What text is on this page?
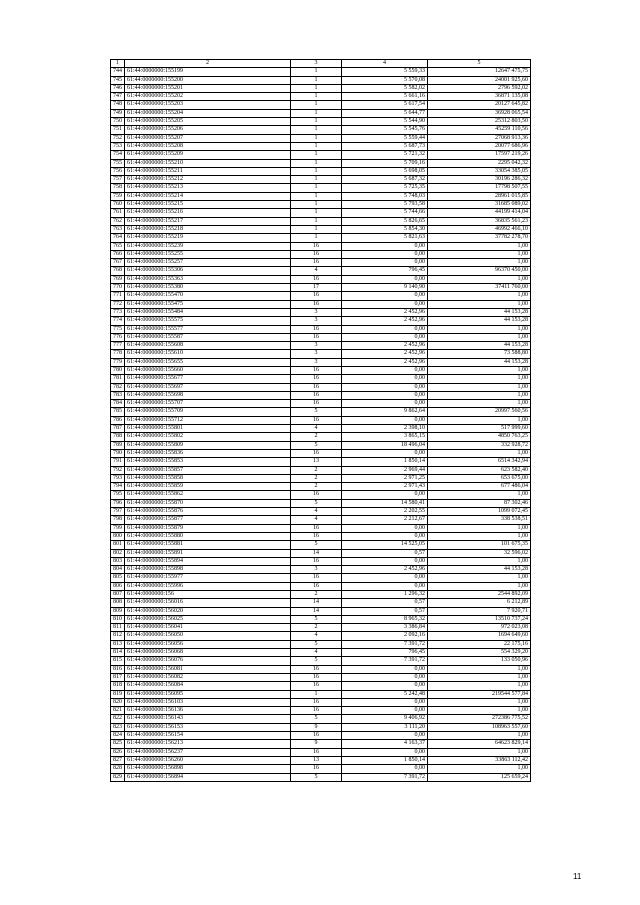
1	2	3	4	5
744	61:44:0000000:155199	1	5 559,33	12647 475,75
745	61:44:0000000:155200	1	5 570,08	24001 925,60
746	61:44:0000000:155201	1	5 582,02	2796 592,02
747	61:44:0000000:155202	1	5 661,16	36871 135,08
748	61:44:0000000:155203	1	5 617,54	20127 645,82
749	61:44:0000000:155204	1	5 644,77	36928 065,54
750	61:44:0000000:155205	1	5 544,90	25312 803,50
751	61:44:0000000:155206	1	5 545,76	45259 110,56
752	61:44:0000000:155207	1	5 559,44	27068 913,36
753	61:44:0000000:155208	1	5 687,73	20077 686,96
754	61:44:0000000:155209	1	5 721,32	17597 219,26
755	61:44:0000000:155210	1	5 709,16	2295 042,32
756	61:44:0000000:155211	1	5 698,05	33054 385,05
757	61:44:0000000:155212	1	5 687,32	30196 286,32
758	61:44:0000000:155213	1	5 725,35	17798 507,55
759	61:44:0000000:155214	1	5 748,03	28961 015,85
760	61:44:0000000:155215	1	5 793,58	31685 089,02
761	61:44:0000000:155216	1	5 744,66	44199 414,04
762	61:44:0000000:155217	1	5 826,65	36835 561,23
763	61:44:0000000:155218	1	5 854,30	46992 466,10
764	61:44:0000000:155219	1	5 821,63	37782 278,70
765	61:44:0000000:155239	16	0,00	1,00
766	61:44:0000000:155255	16	0,00	1,00
767	61:44:0000000:155257	16	0,00	1,00
768	61:44:0000000:155306	4	796,45	96370 450,00
769	61:44:0000000:155363	16	0,00	1,00
770	61:44:0000000:155380	17	9 140,90	37411 760,00
771	61:44:0000000:155470	16	0,00	1,00
772	61:44:0000000:155475	16	0,00	1,00
773	61:44:0000000:155484	3	2 452,96	44 153,28
774	61:44:0000000:155575	3	2 452,96	44 153,28
775	61:44:0000000:155577	16	0,00	1,00
776	61:44:0000000:155587	16	0,00	1,00
777	61:44:0000000:155608	3	2 452,96	44 153,28
778	61:44:0000000:155610	3	2 452,96	73 588,80
779	61:44:0000000:155655	3	2 452,96	44 153,28
780	61:44:0000000:155660	16	0,00	1,00
781	61:44:0000000:155677	16	0,00	1,00
782	61:44:0000000:155697	16	0,00	1,00
783	61:44:0000000:155698	16	0,00	1,00
784	61:44:0000000:155707	16	0,00	1,00
785	61:44:0000000:155709	5	9 862,64	20997 560,56
786	61:44:0000000:155712	16	0,00	1,00
787	61:44:0000000:155801	4	2 398,10	517 999,60
788	61:44:0000000:155802	2	3 865,15	4850 763,25
789	61:44:0000000:155809	5	18 496,04	332 928,72
790	61:44:0000000:155836	16	0,00	1,00
791	61:44:0000000:155853	13	1 850,14	6514 342,94
792	61:44:0000000:155857	2	2 969,44	623 582,40
793	61:44:0000000:155858	2	2 971,25	653 675,00
794	61:44:0000000:155859	2	2 971,43	677 486,04
795	61:44:0000000:155862	16	0,00	1,00
796	61:44:0000000:155870	5	14 580,41	87 302,46
797	61:44:0000000:155876	4	2 202,55	1099 072,45
798	61:44:0000000:155877	4	2 212,67	338 538,51
799	61:44:0000000:155879	16	0,00	1,00
800	61:44:0000000:155880	16	0,00	1,00
801	61:44:0000000:155881	5	14 525,05	101 675,35
802	61:44:0000000:155891	14	0,57	32 596,02
803	61:44:0000000:155894	16	0,00	1,00
804	61:44:0000000:155898	3	2 452,96	44 153,28
805	61:44:0000000:155977	16	0,00	1,00
806	61:44:0000000:155996	16	0,00	1,00
807	61:44:0000000:156	2	1 296,32	2544 892,09
808	61:44:0000000:156016	14	0,57	6 212,89
809	61:44:0000000:156020	14	0,57	7 920,71
810	61:44:0000000:156025	5	8 965,32	13510 737,24
811	61:44:0000000:156041	2	3 386,84	972 023,08
812	61:44:0000000:156050	4	2 092,16	1694 649,60
813	61:44:0000000:156056	5	7 391,72	22 175,16
814	61:44:0000000:156068	4	796,45	554 329,20
815	61:44:0000000:156076	5	7 391,72	133 050,96
816	61:44:0000000:156081	16	0,00	1,00
817	61:44:0000000:156082	16	0,00	1,00
818	61:44:0000000:156084	16	0,00	1,00
819	61:44:0000000:156095	1	5 242,48	219544 577,84
820	61:44:0000000:156103	16	0,00	1,00
821	61:44:0000000:156136	16	0,00	1,00
822	61:44:0000000:156143	5	9 406,92	272386 775,52
823	61:44:0000000:156153	9	3 111,20	108963 557,60
824	61:44:0000000:156154	16	0,00	1,00
825	61:44:0000000:156213	9	4 163,37	64623 829,14
826	61:44:0000000:156237	16	0,00	1,00
827	61:44:0000000:156260	13	1 850,14	33863 112,42
828	61:44:0000000:156898	16	0,00	1,00
829	61:44:0000000:156894	5	7 391,72	125 659,24
11
